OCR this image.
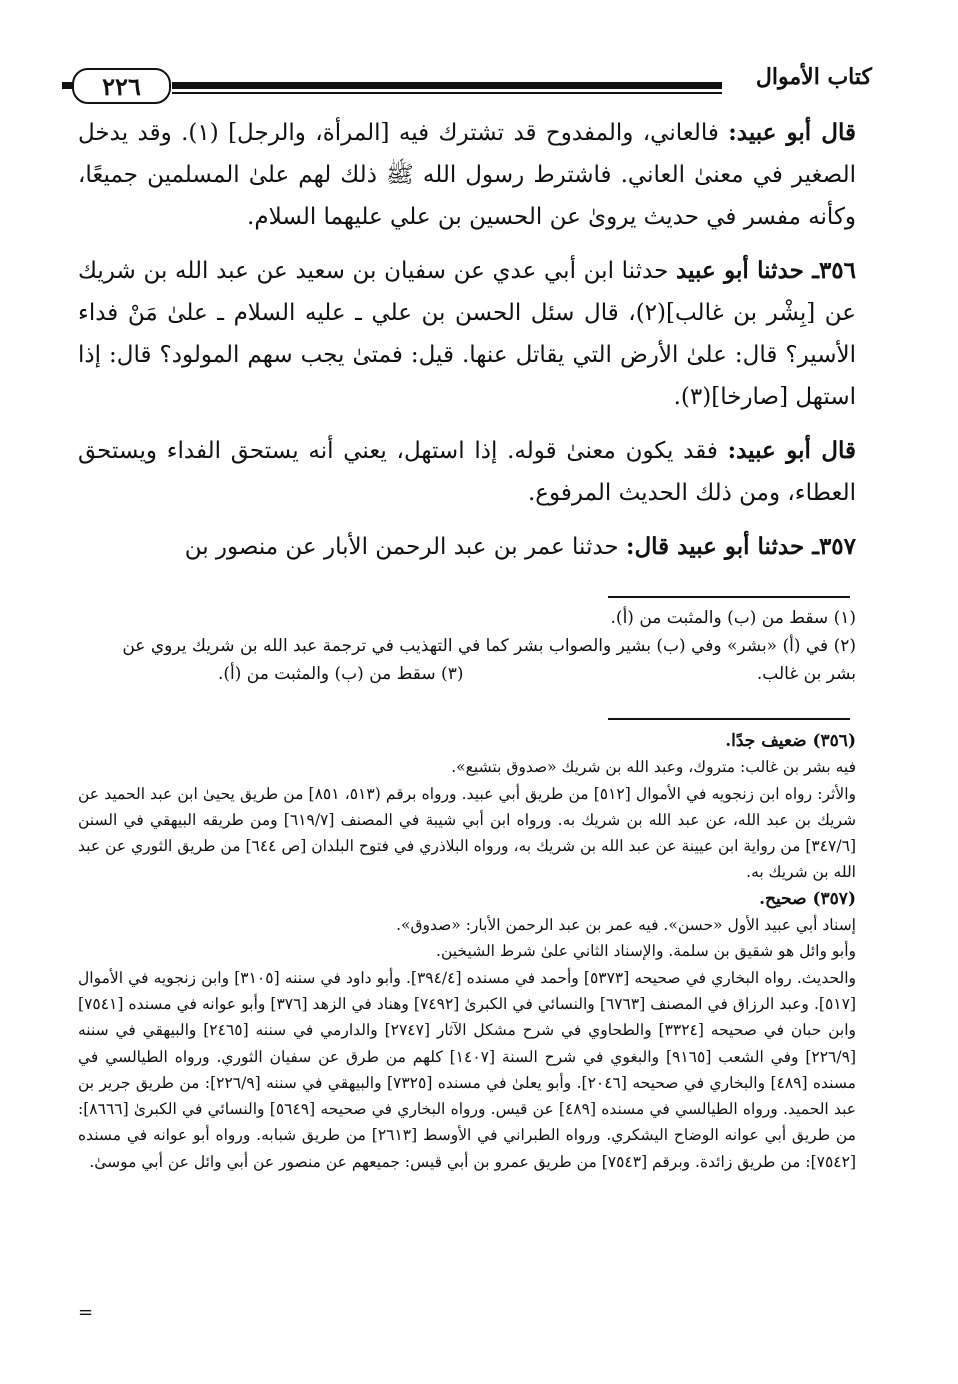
كتاب الأموال
٢٢٦

قال أبو عبيد: فالعاني، والمفدوح قد تشترك فيه [المرأة، والرجل] (١). وقد يدخل الصغير في معنىٰ العاني. فاشترط رسول الله ﷺ ذلك لهم علىٰ المسلمين جميعًا، وكأنه مفسر في حديث يرویٰ عن الحسين بن علي عليهما السلام.

٣٥٦ـ حدثنا أبو عبيد حدثنا ابن أبي عدي عن سفيان بن سعيد عن عبد الله بن شريك عن [بِشْر بن غالب](٢)، قال سئل الحسن بن علي ـ عليه السلام ـ علىٰ مَنْ فداء الأسير؟ قال: علىٰ الأرض التي يقاتل عنها. قيل: فمتىٰ يجب سهم المولود؟ قال: إذا استهل [صارخا](٣).

قال أبو عبيد: فقد يكون معنىٰ قوله. إذا استهل، يعني أنه يستحق الفداء ويستحق العطاء، ومن ذلك الحديث المرفوع.

٣٥٧ـ حدثنا أبو عبيد قال: حدثنا عمر بن عبد الرحمن الأبار عن منصور بن

(١) سقط من (ب) والمثبت من (أ).

(٢) في (أ) «بشر» وفي (ب) بشير والصواب بشر كما في التهذيب في ترجمة عبد الله بن شريك يروي عن

بشر بن غالب.
(٣) سقط من (ب) والمثبت من (أ).

(٣٥٦) ضعيف جدًا.

فيه بشر بن غالب: متروك، وعبد الله بن شريك «صدوق بتشيع».

والأثر: رواه ابن زنجويه في الأموال [٥١٢] من طريق أبي عبيد. ورواه برقم (٥١٣، ٨٥١] من طريق يحيىٰ ابن عبد الحميد عن شريك بن عبد الله، عن عبد الله بن شريك به. ورواه ابن أبي شيبة في المصنف [٦١٩/٧] ومن طريقه البيهقي في السنن [٣٤٧/٦] من رواية ابن عيينة عن عبد الله بن شريك به، ورواه البلاذري في فتوح البلدان [ص ٦٤٤] من طريق الثوري عن عبد الله بن شريك به.

(٣٥٧) صحيح.

إسناد أبي عبيد الأول «حسن». فيه عمر بن عبد الرحمن الأبار: «صدوق».

وأبو وائل هو شقيق بن سلمة. والإسناد الثاني علىٰ شرط الشيخين.

والحديث. رواه البخاري في صحيحه [٥٣٧٣] وأحمد في مسنده [٣٩٤/٤]. وأبو داود في سننه [٣١٠٥] وابن زنجويه في الأموال [٥١٧]. وعبد الرزاق في المصنف [٦٧٦٣] والنسائي في الكبرىٰ [٧٤٩٢] وهناد في الزهد [٣٧٦] وأبو عوانه في مسنده [٧٥٤١] وابن حبان في صحيحه [٣٣٢٤] والطحاوي في شرح مشكل الآثار [٢٧٤٧] والدارمي في سننه [٢٤٦٥] والبيهقي في سننه [٢٢٦/٩] وفي الشعب [٩١٦٥] والبغوي في شرح السنة [١٤٠٧] كلهم من طرق عن سفيان الثوري. ورواه الطيالسي في مسنده [٤٨٩] والبخاري في صحيحه [٢٠٤٦]. وأبو يعلىٰ في مسنده [٧٣٢٥] والبيهقي في سننه [٢٢٦/٩]: من طريق جرير بن عبد الحميد. ورواه الطيالسي في مسنده [٤٨٩] عن قيس. ورواه البخاري في صحيحه [٥٦٤٩] والنسائي في الكبرىٰ [٨٦٦٦]: من طريق أبي عوانه الوضاح اليشكري. ورواه الطبراني في الأوسط [٢٦١٣] من طريق شبابه. ورواه أبو عوانه في مسنده [٧٥٤٢]: من طريق زائدة. وبرقم [٧٥٤٣] من طريق عمرو بن أبي قيس: جميعهم عن منصور عن أبي وائل عن أبي موسىٰ.

=
